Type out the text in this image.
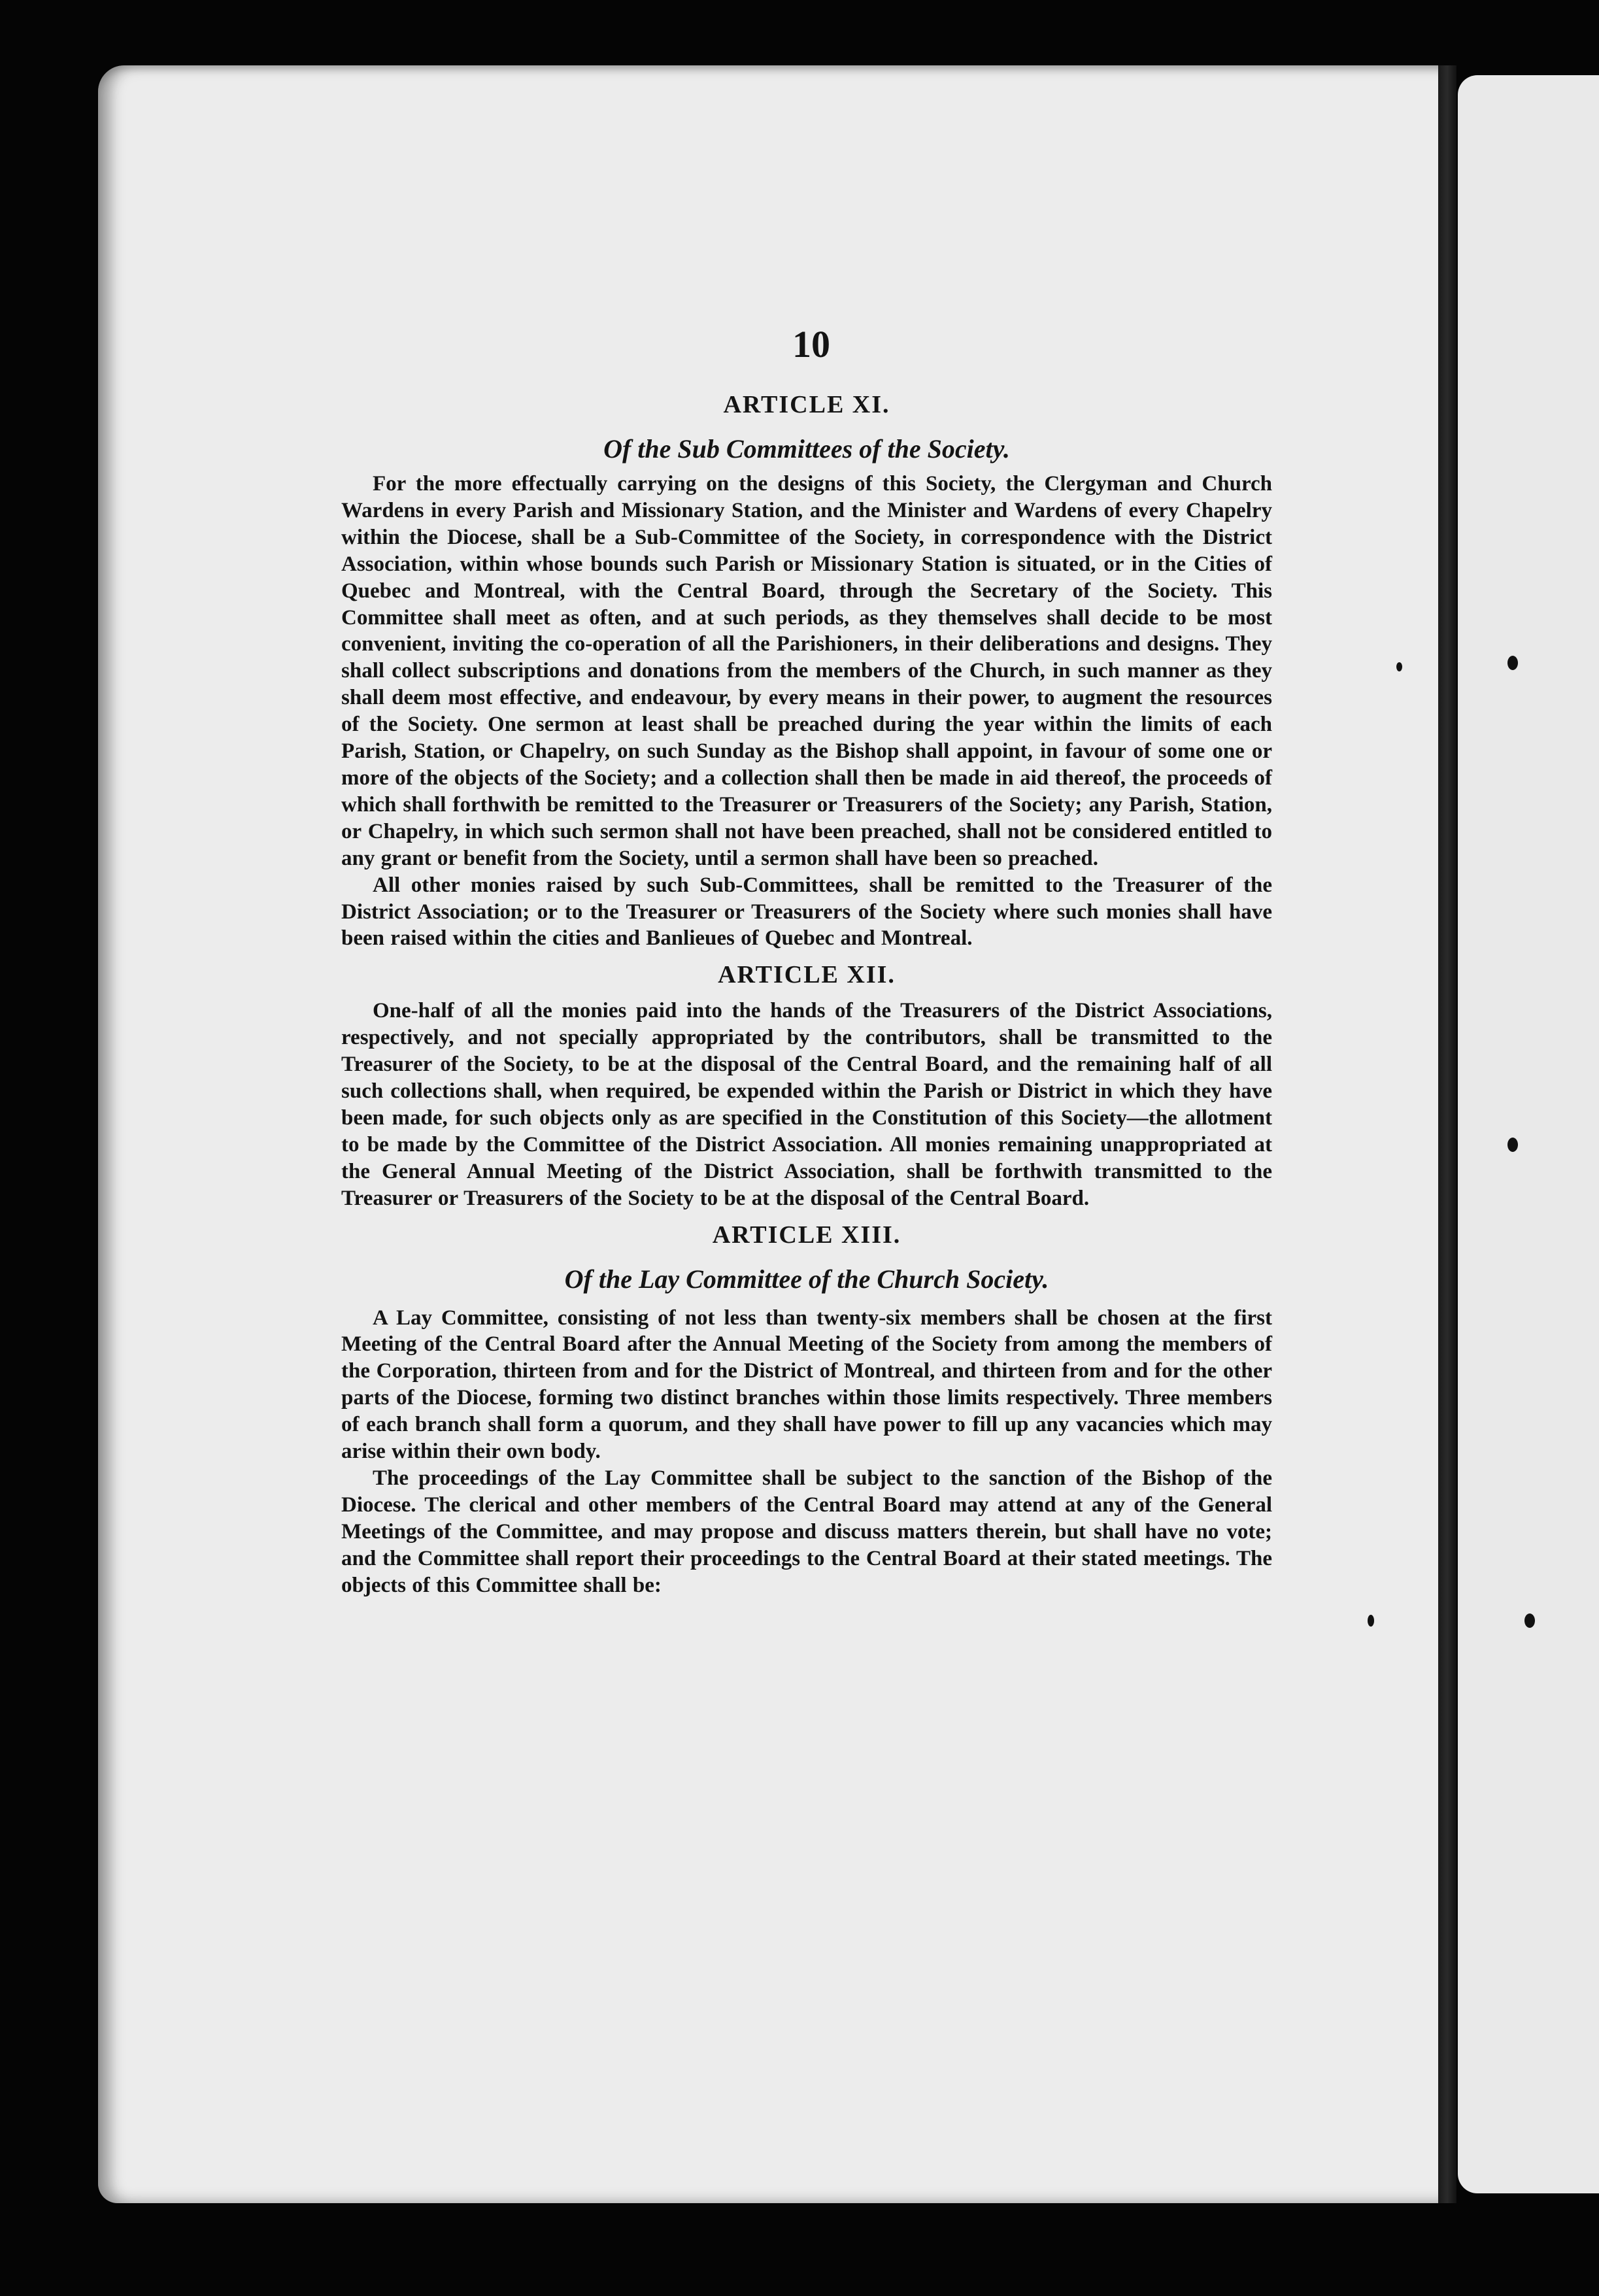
10
ARTICLE XI.
Of the Sub Committees of the Society.

For the more effectually carrying on the designs of this Society, the Clergyman and Church Wardens in every Parish and Missionary Station, and the Minister and Wardens of every Chapelry within the Diocese, shall be a Sub-Committee of the Society, in correspondence with the District Association, within whose bounds such Parish or Missionary Station is situated, or in the Cities of Quebec and Montreal, with the Central Board, through the Secretary of the Society. This Committee shall meet as often, and at such periods, as they themselves shall decide to be most convenient, inviting the co-operation of all the Parishioners, in their deliberations and designs. They shall collect subscriptions and donations from the members of the Church, in such manner as they shall deem most effective, and endeavour, by every means in their power, to augment the resources of the Society. One sermon at least shall be preached during the year within the limits of each Parish, Station, or Chapelry, on such Sunday as the Bishop shall appoint, in favour of some one or more of the objects of the Society; and a collection shall then be made in aid thereof, the proceeds of which shall forthwith be remitted to the Treasurer or Treasurers of the Society; any Parish, Station, or Chapelry, in which such sermon shall not have been preached, shall not be considered entitled to any grant or benefit from the Society, until a sermon shall have been so preached.

All other monies raised by such Sub-Committees, shall be remitted to the Treasurer of the District Association; or to the Treasurer or Treasurers of the Society where such monies shall have been raised within the cities and Banlieues of Quebec and Montreal.

ARTICLE XII.

One-half of all the monies paid into the hands of the Treasurers of the District Associations, respectively, and not specially appropriated by the contributors, shall be transmitted to the Treasurer of the Society, to be at the disposal of the Central Board, and the remaining half of all such collections shall, when required, be expended within the Parish or District in which they have been made, for such objects only as are specified in the Constitution of this Society—the allotment to be made by the Committee of the District Association. All monies remaining unappropriated at the General Annual Meeting of the District Association, shall be forthwith transmitted to the Treasurer or Treasurers of the Society to be at the disposal of the Central Board.

ARTICLE XIII.
Of the Lay Committee of the Church Society.

A Lay Committee, consisting of not less than twenty-six members shall be chosen at the first Meeting of the Central Board after the Annual Meeting of the Society from among the members of the Corporation, thirteen from and for the District of Montreal, and thirteen from and for the other parts of the Diocese, forming two distinct branches within those limits respectively. Three members of each branch shall form a quorum, and they shall have power to fill up any vacancies which may arise within their own body.

The proceedings of the Lay Committee shall be subject to the sanction of the Bishop of the Diocese. The clerical and other members of the Central Board may attend at any of the General Meetings of the Committee, and may propose and discuss matters therein, but shall have no vote; and the Committee shall report their proceedings to the Central Board at their stated meetings. The objects of this Committee shall be:
